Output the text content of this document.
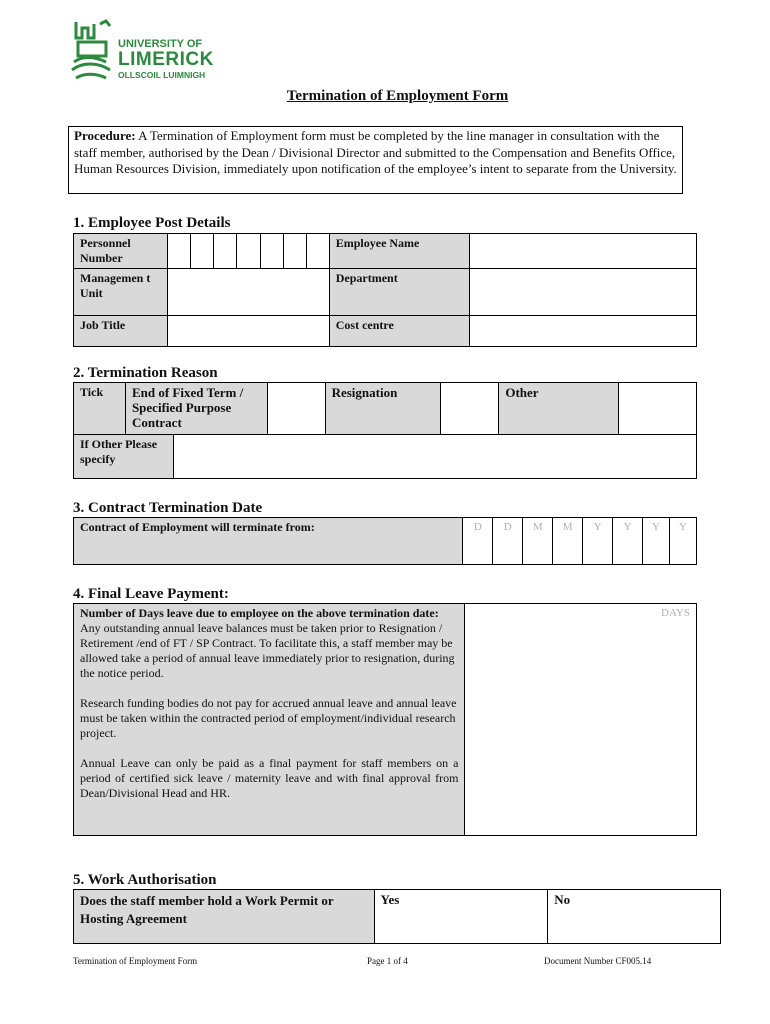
UNIVERSITY OF
LIMERICK
OLLSCOIL LUIMNIGH
Termination of Employment Form
Procedure: A Termination of Employment form must be completed by the line manager in consultation with the staff member, authorised by the Dean / Divisional Director and submitted to the Compensation and Benefits Office, Human Resources Division, immediately upon notification of the employee’s intent to separate from the University.
1. Employee Post Details
Personnel Number								Employee Name	
Managemen t Unit								Department	
Job Title								Cost centre	
2. Termination Reason
Tick	End of Fixed Term / Specified Purpose Contract			Resignation		Other	
If Other Please specify							
3. Contract Termination Date
Contract of Employment will terminate from:	D	D	M	M	Y	Y	Y	Y
4. Final Leave Payment:
Number of Days leave due to employee on the above termination date:
Any outstanding annual leave balances must be taken prior to Resignation / Retirement /end of FT / SP Contract. To facilitate this, a staff member may be allowed take a period of annual leave immediately prior to resignation, during the notice period.
Research funding bodies do not pay for accrued annual leave and annual leave must be taken within the contracted period of employment/individual research project.
Annual Leave can only be paid as a final payment for staff members on a period of certified sick leave / maternity leave and with final approval from Dean/Divisional Head and HR.
	DAYS
5. Work Authorisation
Does the staff member hold a Work Permit or Hosting Agreement	Yes	No
Termination of Employment Form	Page 1 of 4	Document Number CF005.14
